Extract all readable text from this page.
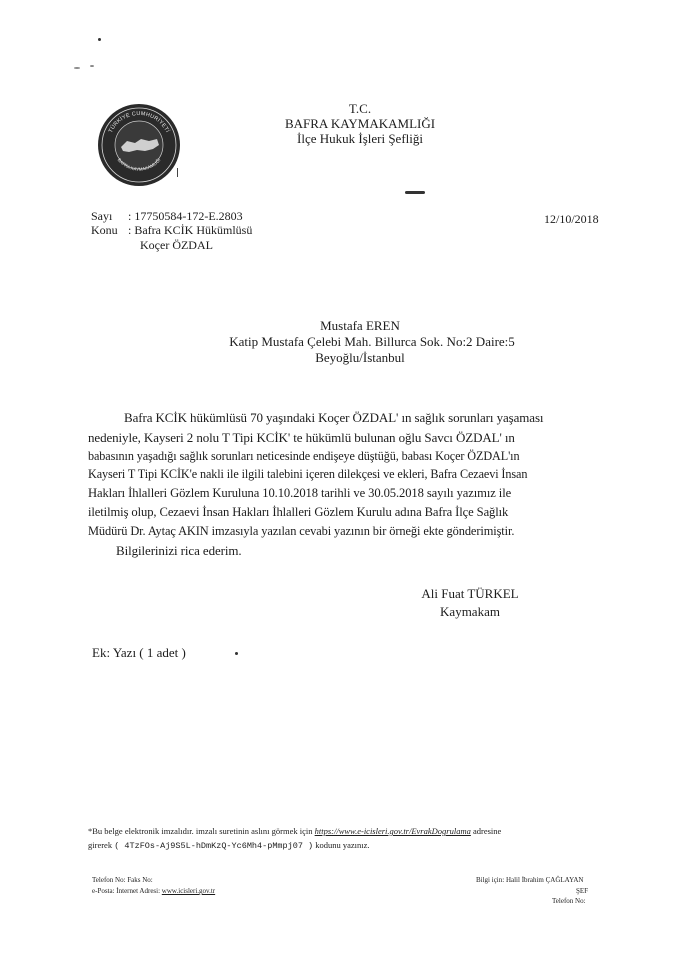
TÜRKİYE CUMHURİYETİ
BAFRA KAYMAKAMLIĞI
T.C.
BAFRA KAYMAKAMLIĞI
İlçe Hukuk İşleri Şefliği
Sayı : 17750584-172-E.2803
Konu : Bafra KCİK Hükümlüsü
Koçer ÖZDAL
12/10/2018
Mustafa EREN
Katip Mustafa Çelebi Mah. Billurca Sok. No:2 Daire:5
Beyoğlu/İstanbul
Bafra KCİK hükümlüsü 70 yaşındaki Koçer ÖZDAL' ın sağlık sorunları yaşaması
nedeniyle, Kayseri 2 nolu T Tipi KCİK' te hükümlü bulunan oğlu Savcı ÖZDAL' ın
babasının yaşadığı sağlık sorunları neticesinde endişeye düştüğü, babası Koçer ÖZDAL'ın
Kayseri T Tipi KCİK'e nakli ile ilgili talebini içeren dilekçesi ve ekleri, Bafra Cezaevi İnsan
Hakları İhlalleri Gözlem Kuruluna 10.10.2018 tarihli ve 30.05.2018 sayılı yazımız ile
iletilmiş olup, Cezaevi İnsan Hakları İhlalleri Gözlem Kurulu adına Bafra İlçe Sağlık
Müdürü Dr. Aytaç AKIN imzasıyla yazılan cevabi yazının bir örneği ekte gönderimiştir.
Bilgilerinizi rica ederim.
Ali Fuat TÜRKEL
Kaymakam
Ek: Yazı ( 1 adet )
*Bu belge elektronik imzalıdır. imzalı suretinin aslını görmek için https://www.e-icisleri.gov.tr/EvrakDogrulama adresine
girerek ( 4TzFOs-Aj9S5L-hDmKzQ-Yc6Mh4-pMmpj07 ) kodunu yazınız.
Telefon No: Faks No:
e-Posta: İnternet Adresi: www.icisleri.gov.tr
Bilgi için: Halil İbrahim ÇAĞLAYAN
ŞEF
Telefon No:
